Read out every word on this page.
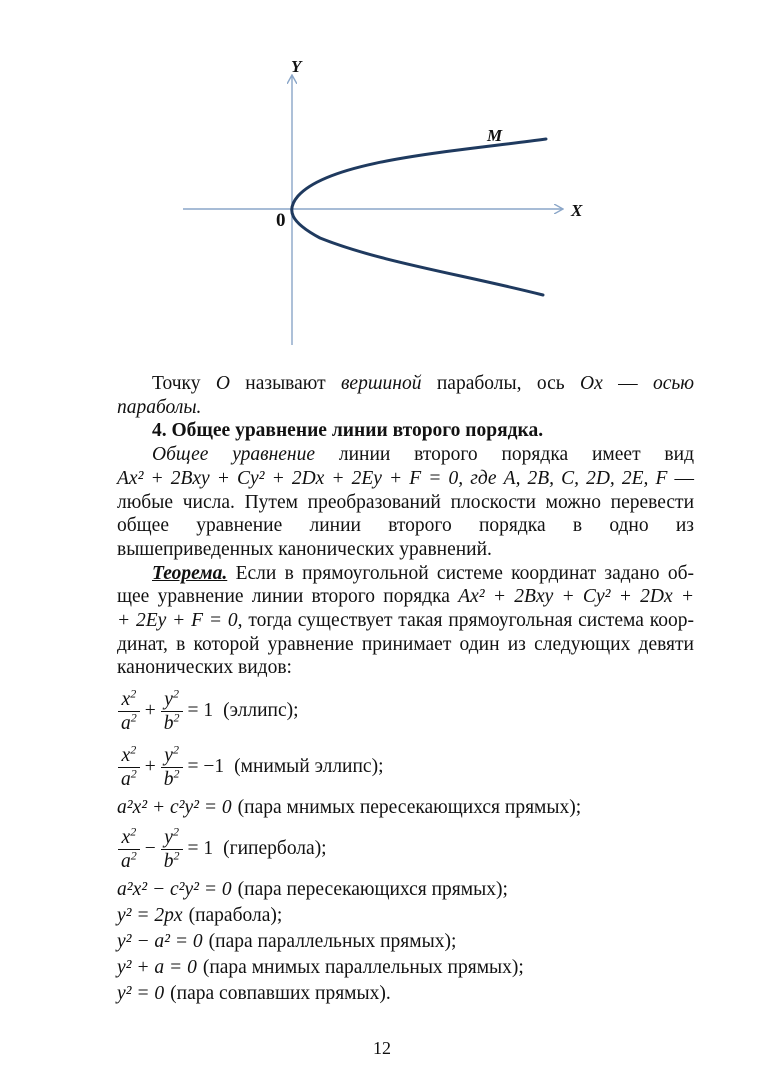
Y
X
0
M

Точку O называют вершиной параболы, ось Ox — осью параболы.

4. Общее уравнение линии второго порядка.

Общее уравнение линии второго порядка имеет вид

Ax² + 2Bxy + Cy² + 2Dx + 2Ey + F = 0, где A, 2B, C, 2D, 2E, F — любые числа. Путем преобразований плоскости можно перевести общее уравнение линии второго порядка в одно из вышеприведенных канонических уравнений.

Теорема. Если в прямоугольной системе координат задано об-

щее уравнение линии второго порядка Ax² + 2Bxy + Cy² + 2Dx +

+ 2Ey + F = 0, тогда существует такая прямоугольная система коор-

динат, в которой уравнение принимает один из следующих девяти

канонических видов:

$\frac{x^2}{a^2} + \frac{y^2}{b^2} = 1$ (эллипс);
$\frac{x^2}{a^2} + \frac{y^2}{b^2} = -1$ (мнимый эллипс);
a²x² + c²y² = 0 (пара мнимых пересекающихся прямых);
$\frac{x^2}{a^2} - \frac{y^2}{b^2} = 1$ (гипербола);
a²x² − c²y² = 0 (пара пересекающихся прямых);
y² = 2px (парабола);
y² − a² = 0 (пара параллельных прямых);
y² + a = 0 (пара мнимых параллельных прямых);
y² = 0 (пара совпавших прямых).
12
